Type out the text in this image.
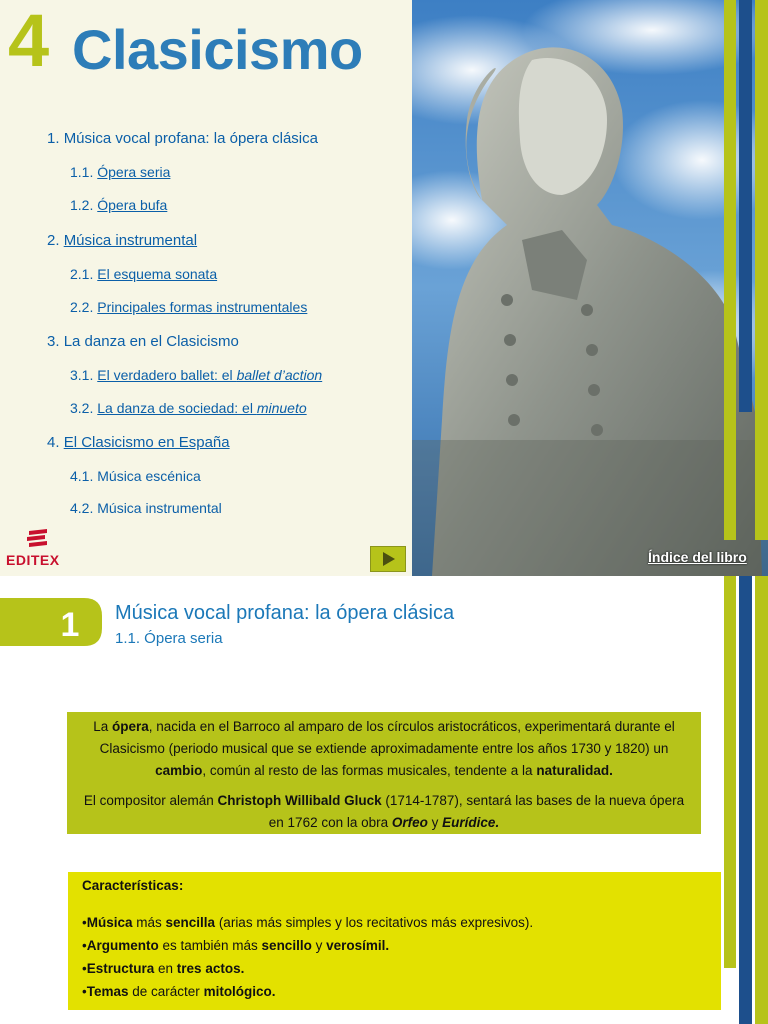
4 Clasicismo
1. Música vocal profana: la ópera clásica
1.1. Ópera seria
1.2. Ópera bufa
2. Música instrumental
2.1. El esquema sonata
2.2. Principales formas instrumentales
3. La danza en el Clasicismo
3.1. El verdadero ballet: el ballet d’action
3.2. La danza de sociedad: el minueto
4. El Clasicismo en España
4.1. Música escénica
4.2. Música instrumental
EDITEX	Índice del libro
1 Música vocal profana: la ópera clásica
1.1. Ópera seria

La ópera, nacida en el Barroco al amparo de los círculos aristocráticos, experimentará durante el Clasicismo (periodo musical que se extiende aproximadamente entre los años 1730 y 1820) un cambio, común al resto de las formas musicales, tendente a la naturalidad.

El compositor alemán Christoph Willibald Gluck (1714-1787), sentará las bases de la nueva ópera en 1762 con la obra Orfeo y Eurídice.

Características:

•Música más sencilla (arias más simples y los recitativos más expresivos).

•Argumento es también más sencillo y verosímil.

•Estructura en tres actos.

•Temas de carácter mitológico.
